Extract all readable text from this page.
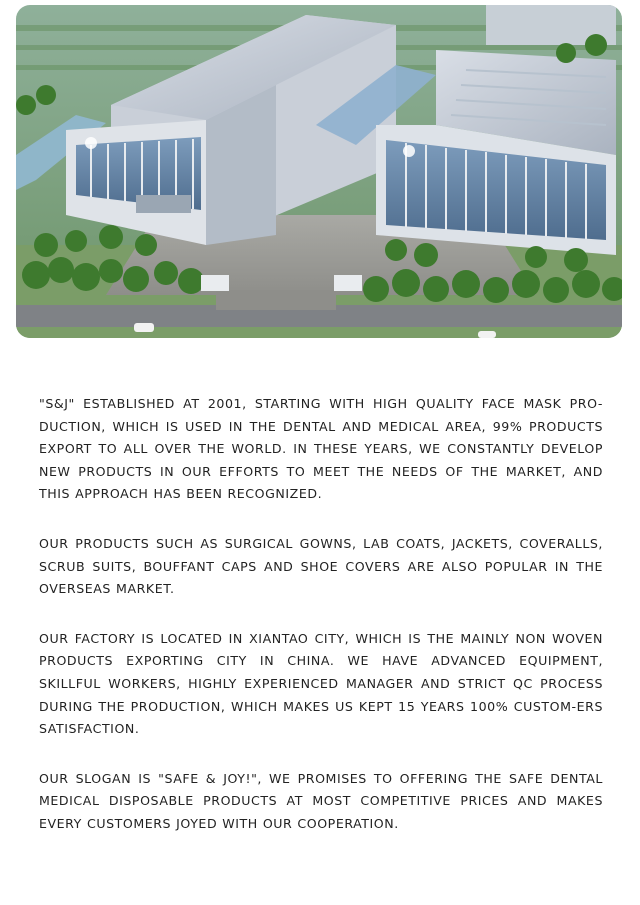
"S&J" ESTABLISHED AT 2001, STARTING WITH HIGH QUALITY FACE MASK PRO-DUCTION, WHICH IS USED IN THE DENTAL AND MEDICAL AREA, 99% PRODUCTS EXPORT TO ALL OVER THE WORLD. IN THESE YEARS, WE CONSTANTLY DEVELOP NEW PRODUCTS IN OUR EFFORTS TO MEET THE NEEDS OF THE MARKET, AND THIS APPROACH HAS BEEN RECOGNIZED.

OUR PRODUCTS SUCH AS SURGICAL GOWNS, LAB COATS, JACKETS, COVERALLS, SCRUB SUITS, BOUFFANT CAPS AND SHOE COVERS ARE ALSO POPULAR IN THE OVERSEAS MARKET.

OUR FACTORY IS LOCATED IN XIANTAO CITY, WHICH IS THE MAINLY NON WOVEN PRODUCTS EXPORTING CITY IN CHINA. WE HAVE ADVANCED EQUIPMENT, SKILLFUL WORKERS, HIGHLY EXPERIENCED MANAGER AND STRICT QC PROCESS DURING THE PRODUCTION, WHICH MAKES US KEPT 15 YEARS 100% CUSTOM-ERS SATISFACTION.

OUR SLOGAN IS "SAFE & JOY!", WE PROMISES TO OFFERING THE SAFE DENTAL MEDICAL DISPOSABLE PRODUCTS AT MOST COMPETITIVE PRICES AND MAKES EVERY CUSTOMERS JOYED WITH OUR COOPERATION.
